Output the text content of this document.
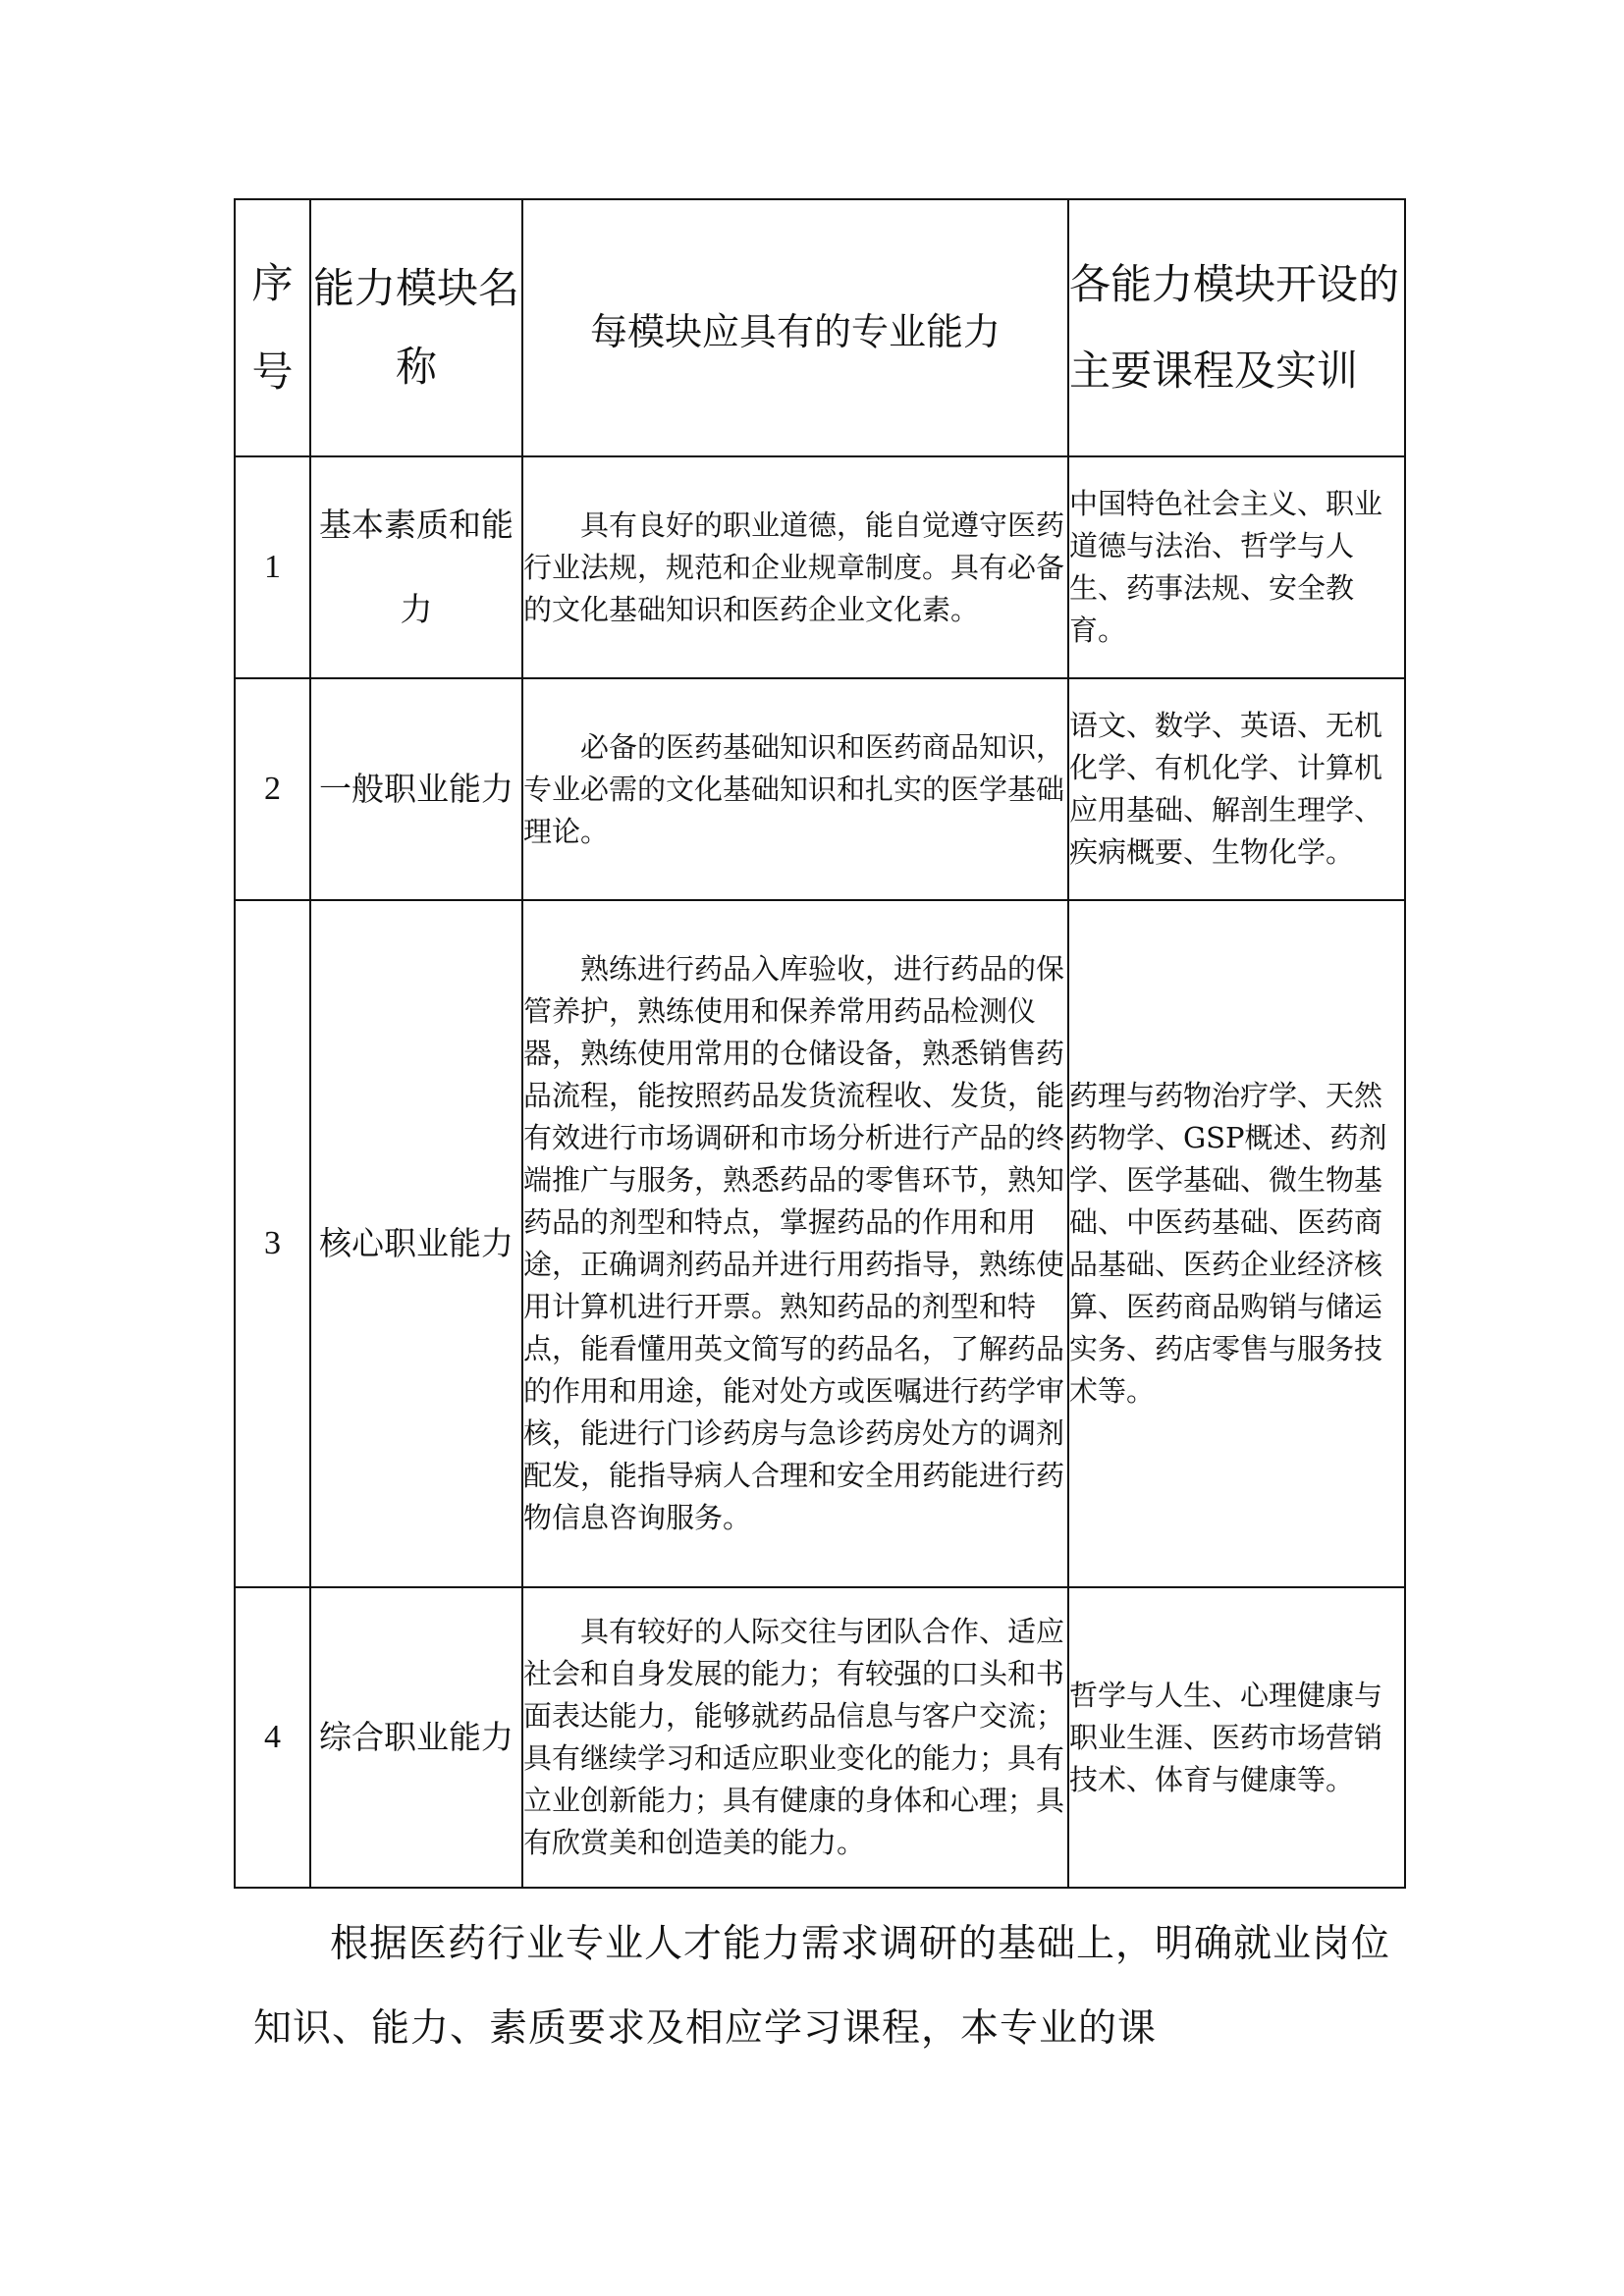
序号	能力模块名称	每模块应具有的专业能力	各能力模块开设的主要课程及实训
1	基本素质和能力	具有良好的职业道德，能自觉遵守医药行业法规，规范和企业规章制度。具有必备的文化基础知识和医药企业文化素。	中国特色社会主义、职业道德与法治、哲学与人生、药事法规、安全教育。
2	一般职业能力	必备的医药基础知识和医药商品知识，专业必需的文化基础知识和扎实的医学基础理论。	语文、数学、英语、无机化学、有机化学、计算机应用基础、解剖生理学、疾病概要、生物化学。
3	核心职业能力	熟练进行药品入库验收，进行药品的保管养护，熟练使用和保养常用药品检测仪器，熟练使用常用的仓储设备，熟悉销售药品流程，能按照药品发货流程收、发货，能有效进行市场调研和市场分析进行产品的终端推广与服务，熟悉药品的零售环节，熟知药品的剂型和特点，掌握药品的作用和用途，正确调剂药品并进行用药指导，熟练使用计算机进行开票。熟知药品的剂型和特点，能看懂用英文简写的药品名，了解药品的作用和用途，能对处方或医嘱进行药学审核，能进行门诊药房与急诊药房处方的调剂配发，能指导病人合理和安全用药能进行药物信息咨询服务。	药理与药物治疗学、天然药物学、GSP概述、药剂学、医学基础、微生物基础、中医药基础、医药商品基础、医药企业经济核算、医药商品购销与储运实务、药店零售与服务技术等。
4	综合职业能力	具有较好的人际交往与团队合作、适应社会和自身发展的能力；有较强的口头和书面表达能力，能够就药品信息与客户交流；具有继续学习和适应职业变化的能力；具有立业创新能力；具有健康的身体和心理；具有欣赏美和创造美的能力。	哲学与人生、心理健康与职业生涯、医药市场营销技术、体育与健康等。

根据医药行业专业人才能力需求调研的基础上，明确就业岗位知识、能力、素质要求及相应学习课程，本专业的课
